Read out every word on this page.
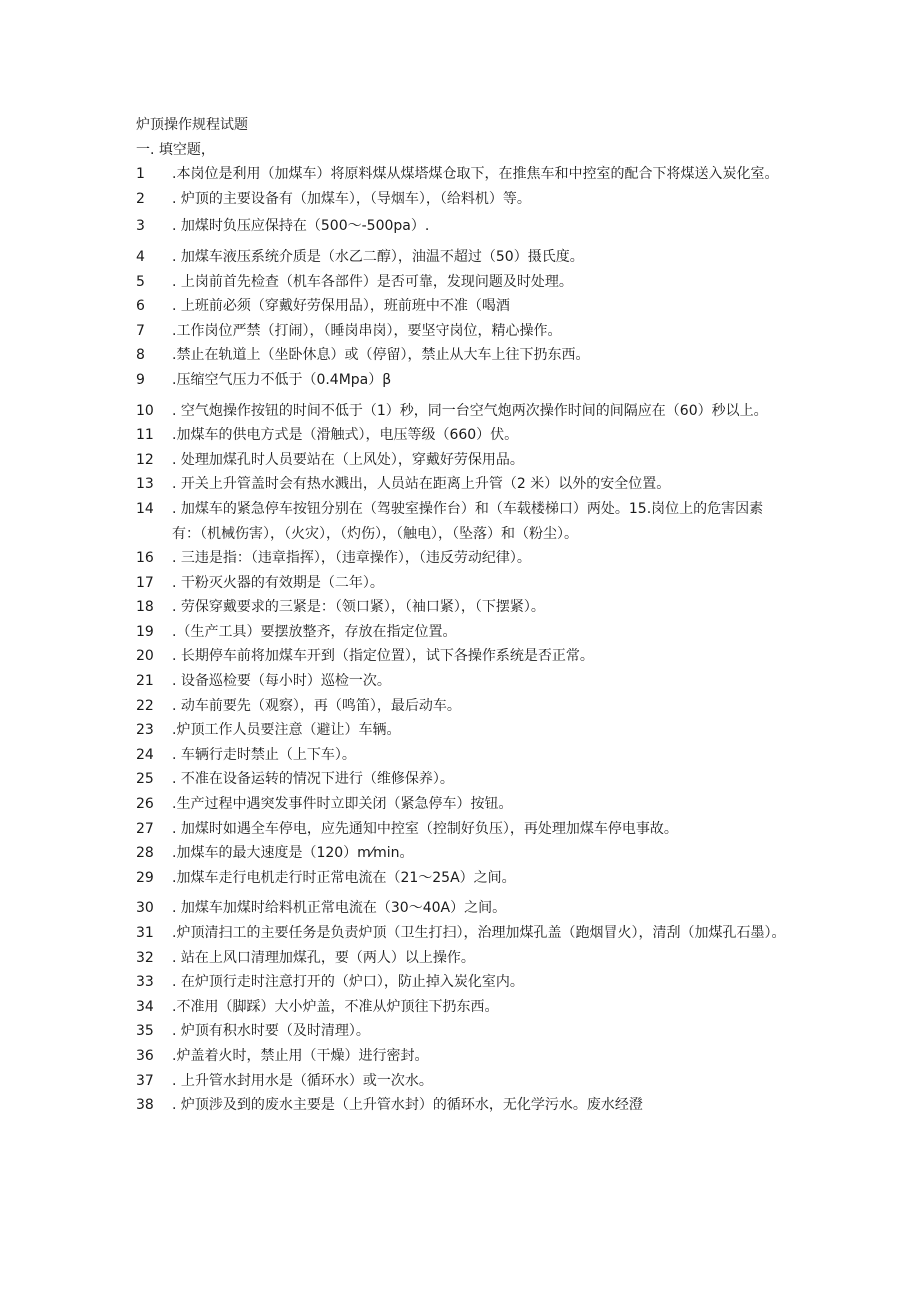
炉顶操作规程试题

一. 填空题，

1	.本岗位是利用（加煤车）将原料煤从煤塔煤仓取下，在推焦车和中控室的配合下将煤送入炭化室。
2	. 炉顶的主要设备有（加煤车），（导烟车），（给料机）等。
3	. 加煤时负压应保持在（500～-500pa）.
4	. 加煤车液压系统介质是（水乙二醇），油温不超过（50）摄氏度。
5	. 上岗前首先检查（机车各部件）是否可靠，发现问题及时处理。
6	. 上班前必须（穿戴好劳保用品），班前班中不准（喝酒
7	.工作岗位严禁（打闹），（睡岗串岗），要坚守岗位，精心操作。
8	.禁止在轨道上（坐卧休息）或（停留），禁止从大车上往下扔东西。
9	.压缩空气压力不低于（0.4Mpa）β
10	. 空气炮操作按钮的时间不低于（1）秒，同一台空气炮两次操作时间的间隔应在（60）秒以上。
11	.加煤车的供电方式是（滑触式），电压等级（660）伏。
12	. 处理加煤孔时人员要站在（上风处），穿戴好劳保用品。
13	. 开关上升管盖时会有热水溅出，人员站在距离上升管（2 米）以外的安全位置。
14	. 加煤车的紧急停车按钮分别在（驾驶室操作台）和（车载楼梯口）两处。15.岗位上的危害因素有：（机械伤害），（火灾），（灼伤），（触电），（坠落）和（粉尘）。
16	. 三违是指：（违章指挥），（违章操作），（违反劳动纪律）。
17	. 干粉灭火器的有效期是（二年）。
18	. 劳保穿戴要求的三紧是：（领口紧），（袖口紧），（下摆紧）。
19	.（生产工具）要摆放整齐，存放在指定位置。
20	. 长期停车前将加煤车开到（指定位置），试下各操作系统是否正常。
21	. 设备巡检要（每小时）巡检一次。
22	. 动车前要先（观察），再（鸣笛），最后动车。
23	.炉顶工作人员要注意（避让）车辆。
24	. 车辆行走时禁止（上下车）。
25	. 不准在设备运转的情况下进行（维修保养）。
26	.生产过程中遇突发事件时立即关闭（紧急停车）按钮。
27	. 加煤时如遇全车停电，应先通知中控室（控制好负压），再处理加煤车停电事故。
28	.加煤车的最大速度是（120）m⁄min。
29	.加煤车走行电机走行时正常电流在（21～25A）之间。
30	. 加煤车加煤时给料机正常电流在（30～40A）之间。
31	.炉顶清扫工的主要任务是负责炉顶（卫生打扫），治理加煤孔盖（跑烟冒火），清刮（加煤孔石墨）。
32	. 站在上风口清理加煤孔，要（两人）以上操作。
33	. 在炉顶行走时注意打开的（炉口），防止掉入炭化室内。
34	.不准用（脚踩）大小炉盖，不准从炉顶往下扔东西。
35	. 炉顶有积水时要（及时清理）。
36	.炉盖着火时，禁止用（干燥）进行密封。
37	. 上升管水封用水是（循环水）或一次水。
38	. 炉顶涉及到的废水主要是（上升管水封）的循环水，无化学污水。废水经澄
